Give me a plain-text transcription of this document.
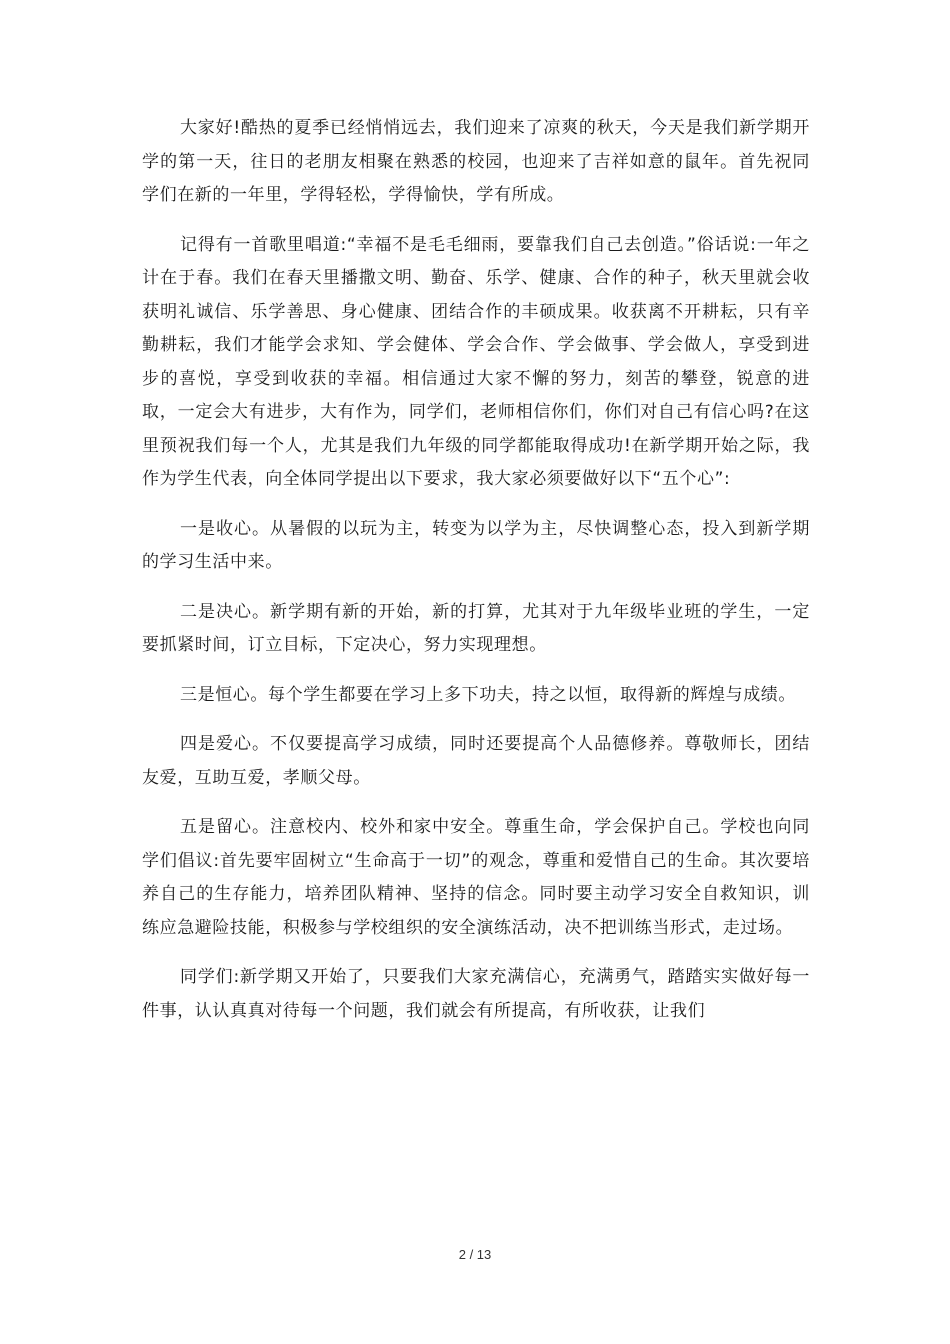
大家好!酷热的夏季已经悄悄远去，我们迎来了凉爽的秋天，今天是我们新学期开学的第一天，往日的老朋友相聚在熟悉的校园，也迎来了吉祥如意的鼠年。首先祝同学们在新的一年里，学得轻松，学得愉快，学有所成。

记得有一首歌里唱道:“幸福不是毛毛细雨，要靠我们自己去创造。”俗话说:一年之计在于春。我们在春天里播撒文明、勤奋、乐学、健康、合作的种子，秋天里就会收获明礼诚信、乐学善思、身心健康、团结合作的丰硕成果。收获离不开耕耘，只有辛勤耕耘，我们才能学会求知、学会健体、学会合作、学会做事、学会做人，享受到进步的喜悦，享受到收获的幸福。相信通过大家不懈的努力，刻苦的攀登，锐意的进取，一定会大有进步，大有作为，同学们，老师相信你们，你们对自己有信心吗?在这里预祝我们每一个人，尤其是我们九年级的同学都能取得成功!在新学期开始之际，我作为学生代表，向全体同学提出以下要求，我大家必须要做好以下“五个心”:

一是收心。从暑假的以玩为主，转变为以学为主，尽快调整心态，投入到新学期的学习生活中来。

二是决心。新学期有新的开始，新的打算，尤其对于九年级毕业班的学生，一定要抓紧时间，订立目标，下定决心，努力实现理想。

三是恒心。每个学生都要在学习上多下功夫，持之以恒，取得新的辉煌与成绩。

四是爱心。不仅要提高学习成绩，同时还要提高个人品德修养。尊敬师长，团结友爱，互助互爱，孝顺父母。

五是留心。注意校内、校外和家中安全。尊重生命，学会保护自己。学校也向同学们倡议:首先要牢固树立“生命高于一切”的观念，尊重和爱惜自己的生命。其次要培养自己的生存能力，培养团队精神、坚持的信念。同时要主动学习安全自救知识，训练应急避险技能，积极参与学校组织的安全演练活动，决不把训练当形式，走过场。

同学们:新学期又开始了，只要我们大家充满信心，充满勇气，踏踏实实做好每一件事，认认真真对待每一个问题，我们就会有所提高，有所收获，让我们

2 / 13
